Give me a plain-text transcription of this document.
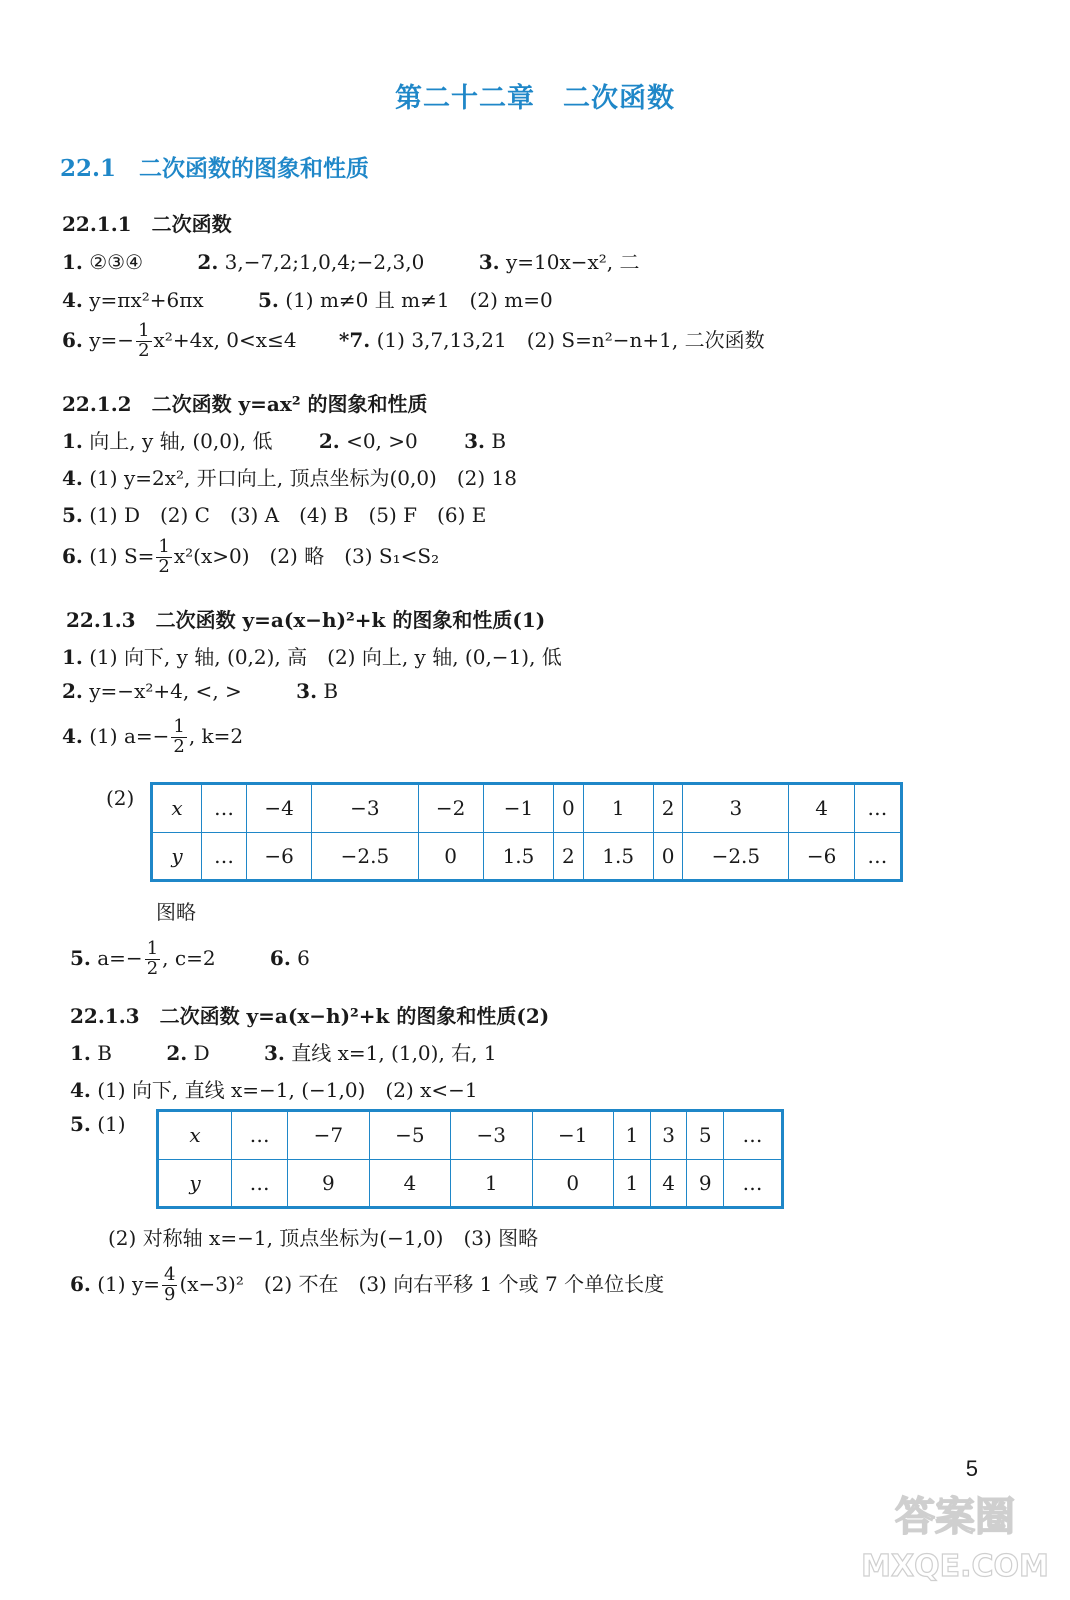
第二十二章　二次函数
22.1　二次函数的图象和性质
22.1.1　二次函数
1. ②③④	2. 3,−7,2;1,0,4;−2,3,0	3. y=10x−x², 二
4. y=πx²+6πx	5. (1) m≠0 且 m≠1　(2) m=0
6. $y=- \frac{1}{2} x^2+4x$, 0<x≤4 *7. (1) 3,7,13,21　(2) S=n²−n+1, 二次函数
22.1.2　二次函数 y=ax² 的图象和性质
1. 向上, y 轴, (0,0), 低 2. <0, >0 3. B
4. (1) y=2x², 开口向上, 顶点坐标为(0,0)　(2) 18
5. (1) D　(2) C　(3) A　(4) B　(5) F　(6) E
6. (1) $S= \frac{1}{2} x^2(x>0)$　(2) 略　(3) S₁<S₂
22.1.3　二次函数 y=a(x−h)²+k 的图象和性质(1)
1. (1) 向下, y 轴, (0,2), 高　(2) 向上, y 轴, (0,−1), 低
2. y=−x²+4, <, >	3. B
4. (1) $a=- \frac{1}{2}$ , k=2
(2) x	…	−4	−3	−2	−1	0	1	2	3	4	…
y	…	−6	−2.5	0	1.5	2	1.5	0	−2.5	−6	…
图略
5. $a=- \frac{1}{2}$ , c=2	6. 6
22.1.3　二次函数 y=a(x−h)²+k 的图象和性质(2)
1. B	2. D	3. 直线 x=1, (1,0), 右, 1
4. (1) 向下, 直线 x=−1, (−1,0)　(2) x<−1
5. (1)	x	…	−7	−5	−3	−1	1	3	5	…
y	…	9	4	1	0	1	4	9	…
(2) 对称轴 x=−1, 顶点坐标为(−1,0)　(3) 图略
6. (1) $y= \frac{4}{9} (x-3)^2$　(2) 不在　(3) 向右平移 1 个或 7 个单位长度
5
答案圈
MXQE.COM
